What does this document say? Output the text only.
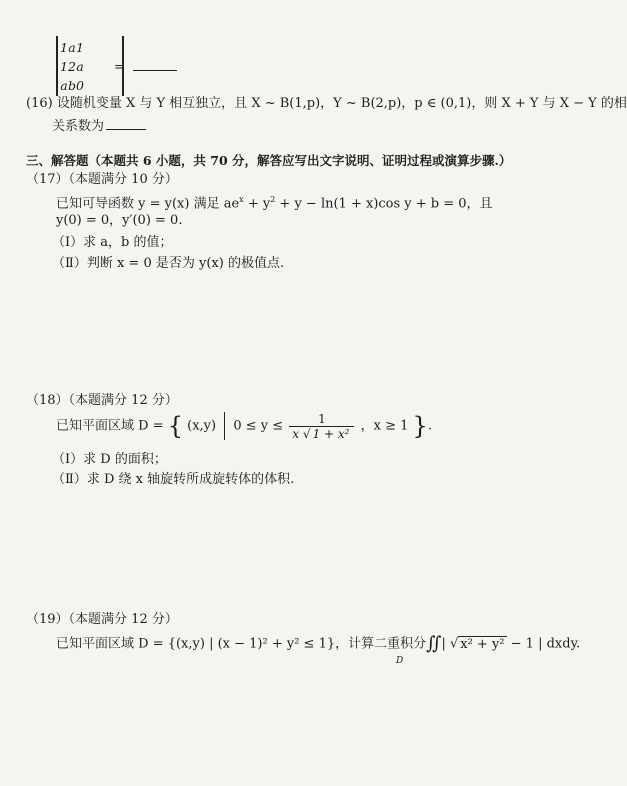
1	a	1
1	2	a
a	b	0
=
(16) 设随机变量 X 与 Y 相互独立，且 X ~ B(1,p)，Y ~ B(2,p)，p ∈ (0,1)，则 X + Y 与 X − Y 的相
关系数为
三、解答题（本题共 6 小题，共 70 分，解答应写出文字说明、证明过程或演算步骤.）
（17）（本题满分 10 分）
已知可导函数 y = y(x) 满足 $ae^x + y^2 + y - \ln(1 + x)\cos$ y + b = 0，且
y(0) = 0，y′(0) = 0.
（Ⅰ）求 a，b 的值；
（Ⅱ）判断 x = 0 是否为 y(x) 的极值点.
（18）（本题满分 12 分）
已知平面区域 D = { (x,y) $0 \le y \le \frac{1}{\text{x √ 1 + x²}}$ ，x ≥ 1 }.
（Ⅰ）求 D 的面积；
（Ⅱ）求 D 绕 x 轴旋转所成旋转体的体积.
（19）（本题满分 12 分）
已知平面区域 D = {(x,y) | (x − 1)² + y² ≤ 1}，计算二重积分∬| √ x² + y² − 1 | dxdy.
D
